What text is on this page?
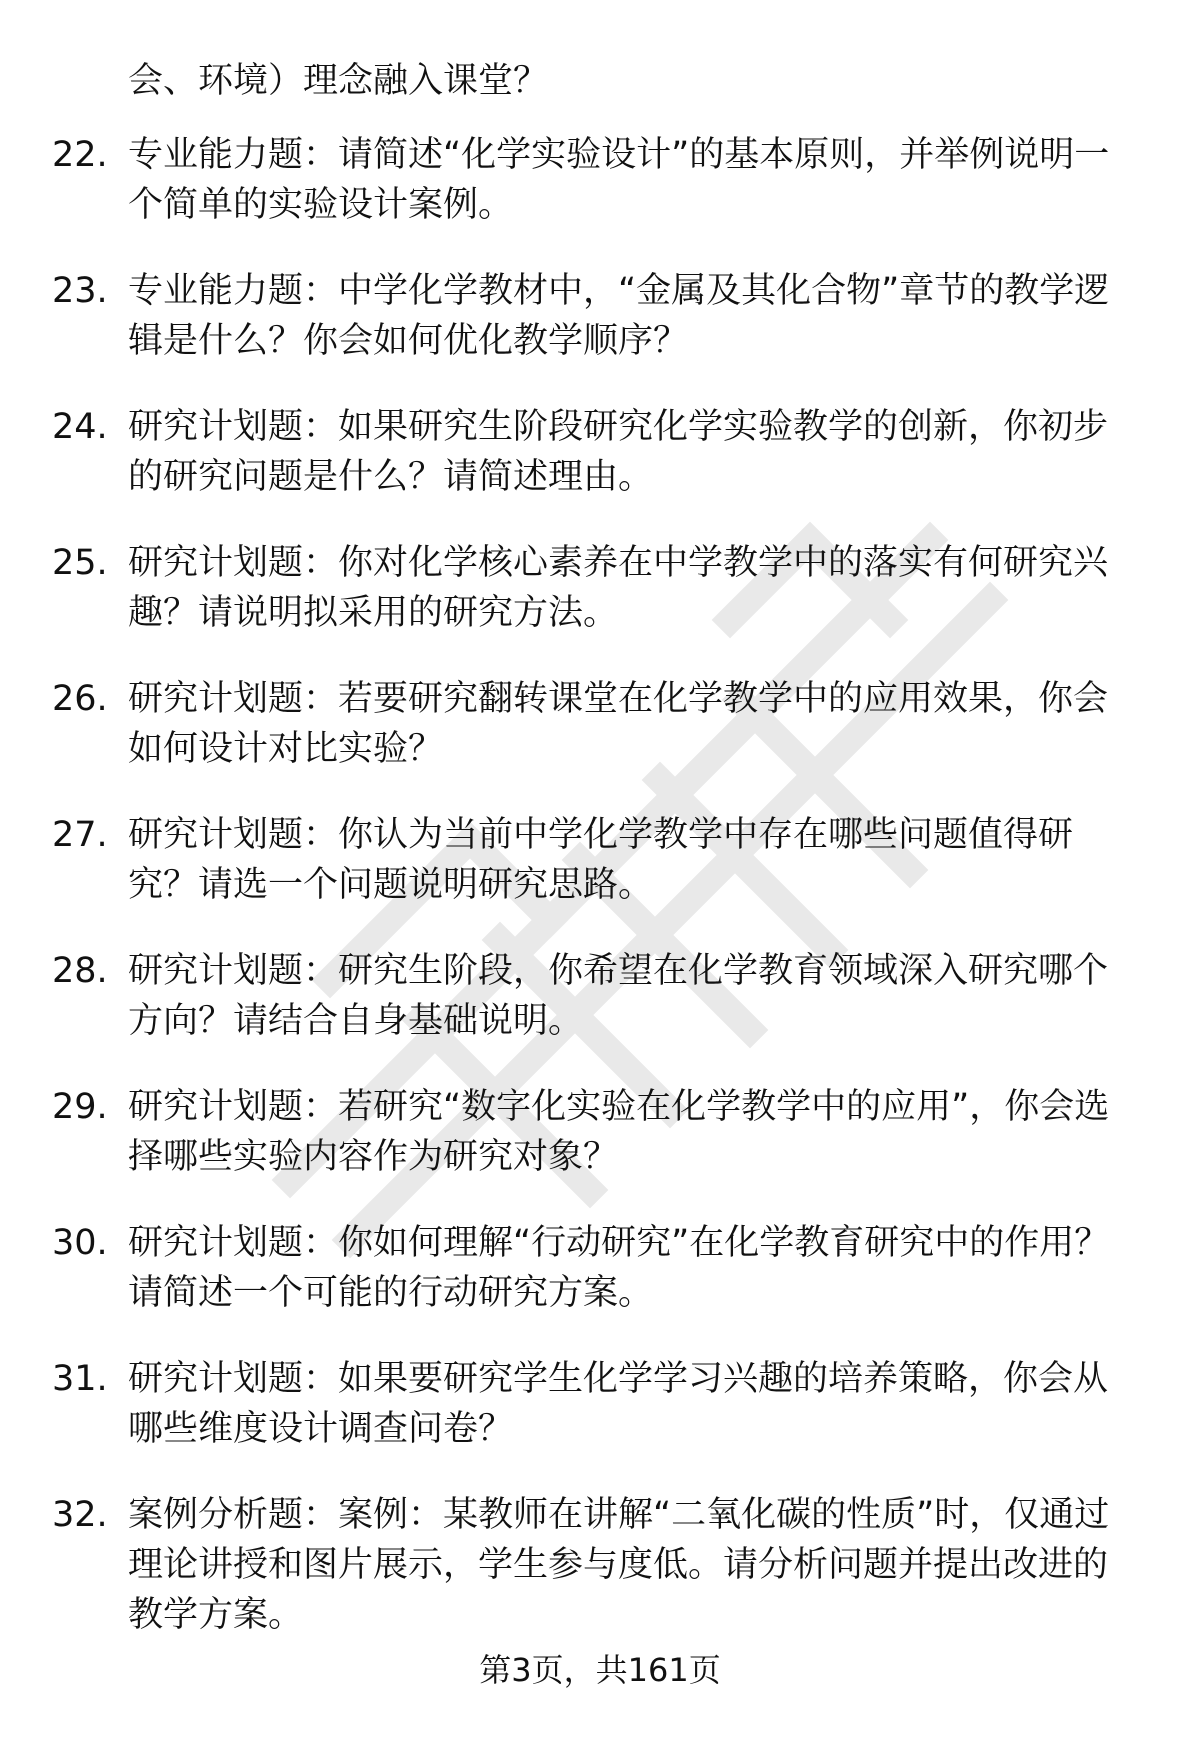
会、环境）理念融入课堂？
22. 专业能力题：请简述“化学实验设计”的基本原则，并举例说明一个简单的实验设计案例。
23. 专业能力题：中学化学教材中，“金属及其化合物”章节的教学逻辑是什么？你会如何优化教学顺序？
24. 研究计划题：如果研究生阶段研究化学实验教学的创新，你初步的研究问题是什么？请简述理由。
25. 研究计划题：你对化学核心素养在中学教学中的落实有何研究兴趣？请说明拟采用的研究方法。
26. 研究计划题：若要研究翻转课堂在化学教学中的应用效果，你会如何设计对比实验？
27. 研究计划题：你认为当前中学化学教学中存在哪些问题值得研究？请选一个问题说明研究思路。
28. 研究计划题：研究生阶段，你希望在化学教育领域深入研究哪个方向？请结合自身基础说明。
29. 研究计划题：若研究“数字化实验在化学教学中的应用”，你会选择哪些实验内容作为研究对象？
30. 研究计划题：你如何理解“行动研究”在化学教育研究中的作用？请简述一个可能的行动研究方案。
31. 研究计划题：如果要研究学生化学学习兴趣的培养策略，你会从哪些维度设计调查问卷？
32. 案例分析题：案例：某教师在讲解“二氧化碳的性质”时，仅通过理论讲授和图片展示，学生参与度低。请分析问题并提出改进的教学方案。
第3页，共161页
